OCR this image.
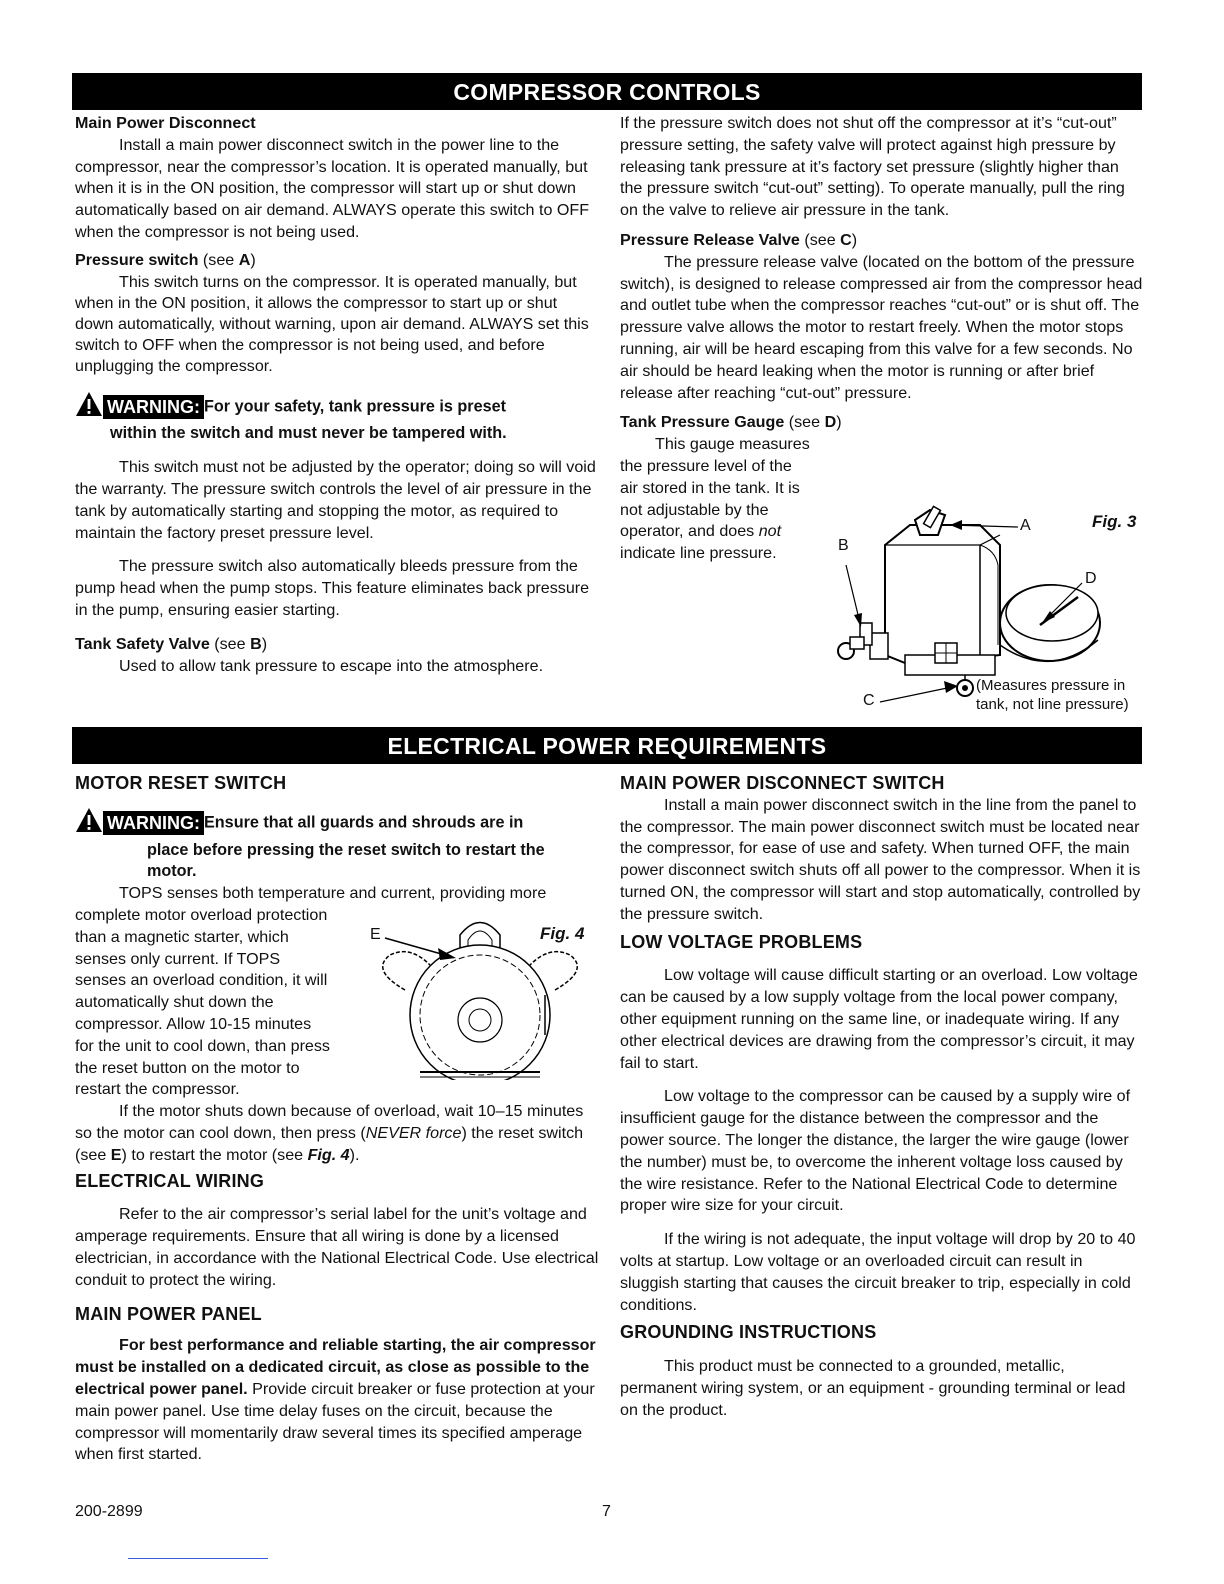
COMPRESSOR CONTROLS

Main Power Disconnect

Install a main power disconnect switch in the power line to the compressor, near the compressor’s location. It is operated manually, but when it is in the ON position, the compressor will start up or shut down automatically based on air demand. ALWAYS operate this switch to OFF when the compressor is not being used.

Pressure switch (see A)

This switch turns on the compressor. It is operated manually, but when in the ON position, it allows the compressor to start up or shut down automatically, without warning, upon air demand. ALWAYS set this switch to OFF when the compressor is not being used, and before unplugging the compressor.

WARNING: For your safety, tank pressure is preset
within the switch and must never be tampered with.

This switch must not be adjusted by the operator; doing so will void the warranty. The pressure switch controls the level of air pressure in the tank by automatically starting and stopping the motor, as required to maintain the factory preset pressure level.

The pressure switch also automatically bleeds pressure from the pump head when the pump stops. This feature eliminates back pressure in the pump, ensuring easier starting.

Tank Safety Valve (see B)

Used to allow tank pressure to escape into the atmosphere.

If the pressure switch does not shut off the compressor at it’s “cut-out” pressure setting, the safety valve will protect against high pressure by releasing tank pressure at it’s factory set pressure (slightly higher than the pressure switch “cut-out” setting). To operate manually, pull the ring on the valve to relieve air pressure in the tank.

Pressure Release Valve (see C)

The pressure release valve (located on the bottom of the pressure switch), is designed to release compressed air from the compressor head and outlet tube when the compressor reaches “cut-out” or is shut off. The pressure valve allows the motor to restart freely. When the motor stops running, air will be heard escaping from this valve for a few seconds. No air should be heard leaking when the motor is running or after brief release after reaching “cut-out” pressure.

Tank Pressure Gauge (see D)

This gauge measures

the pressure level of the

air stored in the tank. It is

not adjustable by the

operator, and does not

indicate line pressure.

A
B
C
D
Fig. 3
(Measures pressure in
tank, not line pressure)
ELECTRICAL POWER REQUIREMENTS

MOTOR RESET SWITCH

WARNING: Ensure that all guards and shrouds are in
place before pressing the reset switch to restart the
motor.

TOPS senses both temperature and current, providing more

complete motor overload protection

than a magnetic starter, which

senses only current. If TOPS

senses an overload condition, it will

automatically shut down the

compressor. Allow 10-15 minutes

for the unit to cool down, than press

the reset button on the motor to

restart the compressor.

If the motor shuts down because of overload, wait 10–15 minutes so the motor can cool down, then press (NEVER force) the reset switch (see E) to restart the motor (see Fig. 4).

ELECTRICAL WIRING

Refer to the air compressor’s serial label for the unit’s voltage and amperage requirements. Ensure that all wiring is done by a licensed electrician, in accordance with the National Electrical Code. Use electrical conduit to protect the wiring.

MAIN POWER PANEL

For best performance and reliable starting, the air compressor must be installed on a dedicated circuit, as close as possible to the electrical power panel. Provide circuit breaker or fuse protection at your main power panel. Use time delay fuses on the circuit, because the compressor will momentarily draw several times its specified amperage when first started.

E	Fig. 4

MAIN POWER DISCONNECT SWITCH

Install a main power disconnect switch in the line from the panel to the compressor. The main power disconnect switch must be located near the compressor, for ease of use and safety. When turned OFF, the main power disconnect switch shuts off all power to the compressor. When it is turned ON, the compressor will start and stop automatically, controlled by the pressure switch.

LOW VOLTAGE PROBLEMS

Low voltage will cause difficult starting or an overload. Low voltage can be caused by a low supply voltage from the local power company, other equipment running on the same line, or inadequate wiring. If any other electrical devices are drawing from the compressor’s circuit, it may fail to start.

Low voltage to the compressor can be caused by a supply wire of insufficient gauge for the distance between the compressor and the power source. The longer the distance, the larger the wire gauge (lower the number) must be, to overcome the inherent voltage loss caused by the wire resistance. Refer to the National Electrical Code to determine proper wire size for your circuit.

If the wiring is not adequate, the input voltage will drop by 20 to 40 volts at startup. Low voltage or an overloaded circuit can result in sluggish starting that causes the circuit breaker to trip, especially in cold conditions.

GROUNDING INSTRUCTIONS

This product must be connected to a grounded, metallic, permanent wiring system, or an equipment - grounding terminal or lead on the product.

200-2899	7
